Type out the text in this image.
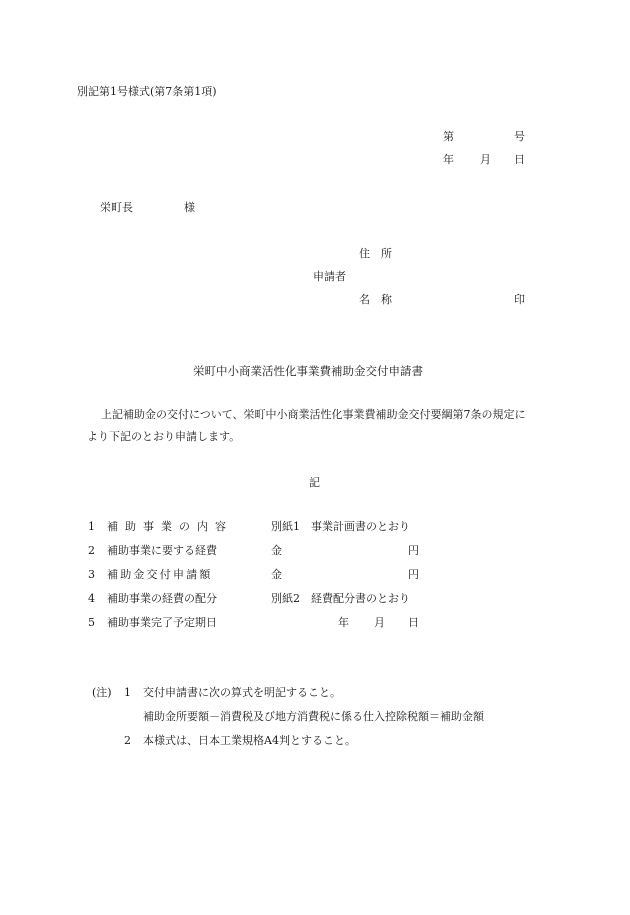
別記第1号様式(第7条第1項)
第	号
年 月 日
栄町長	様
住　所
申請者
名　称	印
栄町中小商業活性化事業費補助金交付申請書
上記補助金の交付について、栄町中小商業活性化事業費補助金交付要綱第7条の規定に
より下記のとおり申請します。
記
1 補助事業の内容	別紙1　事業計画書のとおり
2 補助事業に要する経費	金	円
3 補助金交付申請額	金	円
4 補助事業の経費の配分	別紙2　経費配分書のとおり
5 補助事業完了予定期日	年 月 日
(注) 1 交付申請書に次の算式を明記すること。
補助金所要額－消費税及び地方消費税に係る仕入控除税額＝補助金額
2 本様式は、日本工業規格A4判とすること。
